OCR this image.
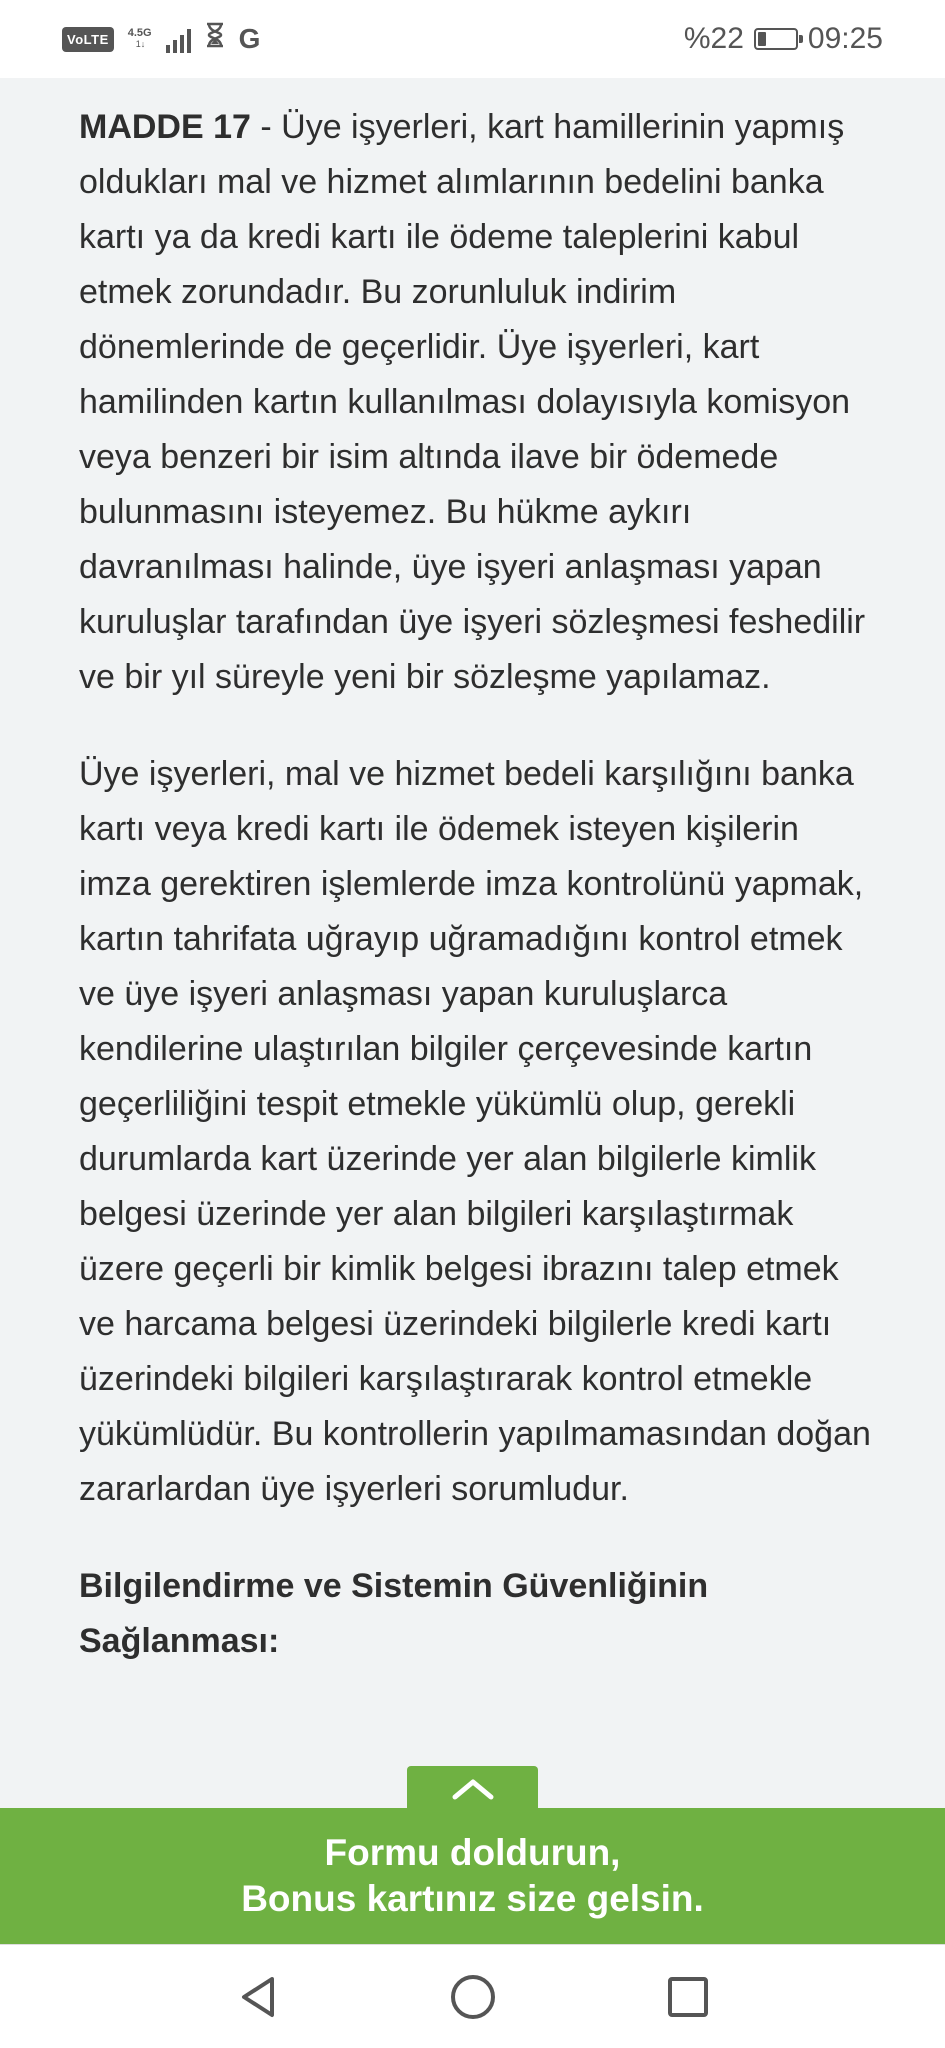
VoLTE	4.5G
1↓	G	%22 09:25

MADDE 17 - Üye işyerleri, kart hamillerinin yapmış oldukları mal ve hizmet alımlarının bedelini banka kartı ya da kredi kartı ile ödeme taleplerini kabul etmek zorundadır. Bu zorunluluk indirim dönemlerinde de geçerlidir. Üye işyerleri, kart hamilinden kartın kullanılması dolayısıyla komisyon veya benzeri bir isim altında ilave bir ödemede bulunmasını isteyemez. Bu hükme aykırı davranılması halinde, üye işyeri anlaşması yapan kuruluşlar tarafından üye işyeri sözleşmesi feshedilir ve bir yıl süreyle yeni bir sözleşme yapılamaz.

Üye işyerleri, mal ve hizmet bedeli karşılığını banka kartı veya kredi kartı ile ödemek isteyen kişilerin imza gerektiren işlemlerde imza kontrolünü yapmak, kartın tahrifata uğrayıp uğramadığını kontrol etmek ve üye işyeri anlaşması yapan kuruluşlarca kendilerine ulaştırılan bilgiler çerçevesinde kartın geçerliliğini tespit etmekle yükümlü olup, gerekli durumlarda kart üzerinde yer alan bilgilerle kimlik belgesi üzerinde yer alan bilgileri karşılaştırmak üzere geçerli bir kimlik belgesi ibrazını talep etmek ve harcama belgesi üzerindeki bilgilerle kredi kartı üzerindeki bilgileri karşılaştırarak kontrol etmekle yükümlüdür. Bu kontrollerin yapılmamasından doğan zararlardan üye işyerleri sorumludur.

Bilgilendirme ve Sistemin Güvenliğinin Sağlanması:
Formu doldurun,
Bonus kartınız size gelsin.
